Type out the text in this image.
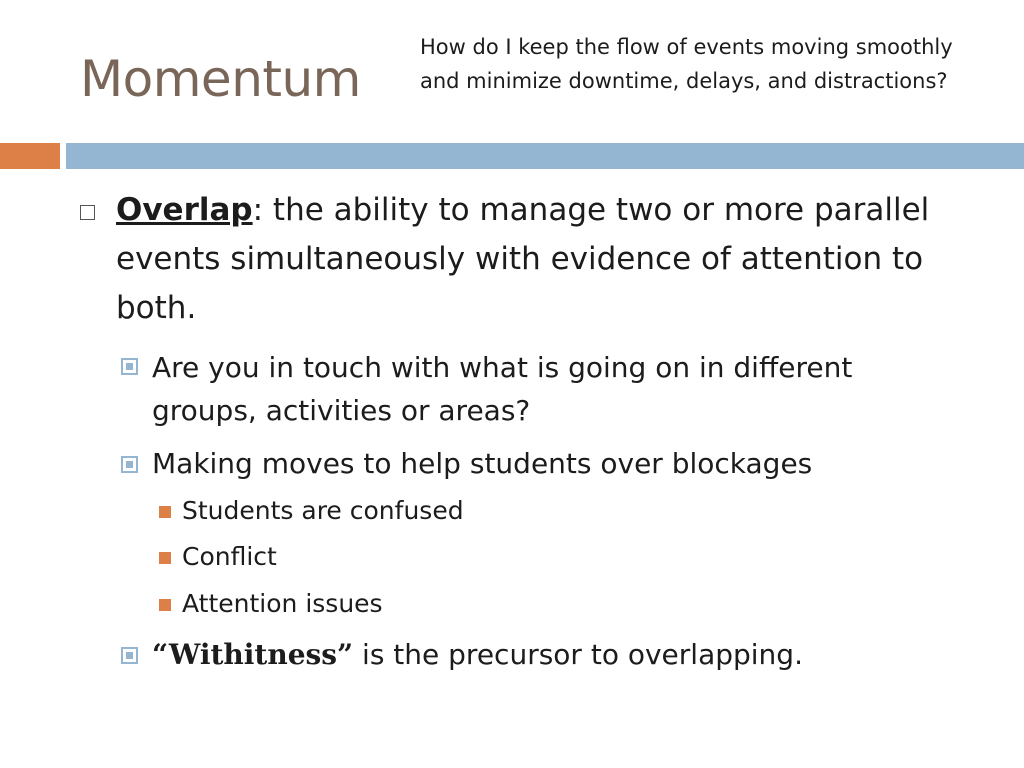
Momentum
How do I keep the flow of events moving smoothly and minimize downtime, delays, and distractions?
Overlap: the ability to manage two or more parallel events simultaneously with evidence of attention to both.
Are you in touch with what is going on in different groups, activities or areas?
Making moves to help students over blockages
Students are confused
Conflict
Attention issues
“Withitness” is the precursor to overlapping.
